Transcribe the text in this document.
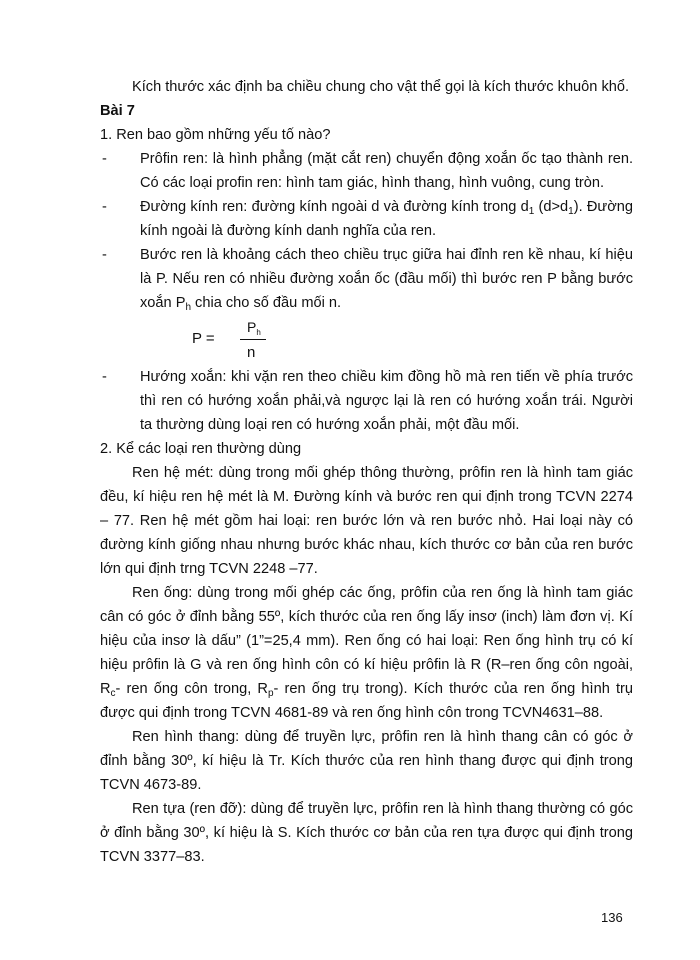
Kích thước xác định ba chiều chung cho vật thể gọi là kích thước khuôn khổ.

Bài 7

1. Ren bao gồm những yếu tố nào?

- Prôfin ren: là hình phẳng (mặt cắt ren) chuyển động xoắn ốc tạo thành ren. Có các loại profin ren: hình tam giác, hình thang, hình vuông, cung tròn.
- Đường kính ren: đường kính ngoài d và đường kính trong $d_1$ $(d>d_1)$. Đường kính ngoài là đường kính danh nghĩa của ren.
- Bước ren là khoảng cách theo chiều trục giữa hai đỉnh ren kề nhau, kí hiệu là P. Nếu ren có nhiều đường xoắn ốc (đầu mối) thì bước ren P bằng bước xoắn $P_h$ chia cho số đầu mối n.
P =
$P_h$
n
- Hướng xoắn: khi vặn ren theo chiều kim đồng hồ mà ren tiến về phía trước thì ren có hướng xoắn phải,và ngược lại là ren có hướng xoắn trái. Người ta thường dùng loại ren có hướng xoắn phải, một đầu mối.

2. Kể các loại ren thường dùng

Ren hệ mét: dùng trong mối ghép thông thường, prôfin ren là hình tam giác đều, kí hiệu ren hệ mét là M. Đường kính và bước ren qui định trong TCVN 2274 – 77. Ren hệ mét gồm hai loại: ren bước lớn và ren bước nhỏ. Hai loại này có đường kính giống nhau nhưng bước khác nhau, kích thước cơ bản của ren bước lớn qui định trng TCVN 2248 –77.

Ren ống: dùng trong mối ghép các ống, prôfin của ren ống là hình tam giác cân có góc ở đỉnh bằng 55º, kích thước của ren ống lấy insơ (inch) làm đơn vị. Kí hiệu của insơ là dấu” (1”=25,4 mm). Ren ống có hai loại: Ren ống hình trụ có kí hiệu prôfin là G và ren ống hình côn có kí hiệu prôfin là R (R–ren ống côn ngoài, $R_c-$ ren ống côn trong, $R_p-$ ren ống trụ trong). Kích thước của ren ống hình trụ được qui định trong TCVN 4681-89 và ren ống hình côn trong TCVN4631–88.

Ren hình thang: dùng để truyền lực, prôfin ren là hình thang cân có góc ở đỉnh bằng 30º, kí hiệu là Tr. Kích thước của ren hình thang được qui định trong TCVN 4673-89.

Ren tựa (ren đỡ): dùng để truyền lực, prôfin ren là hình thang thường có góc ở đỉnh bằng 30º, kí hiệu là S. Kích thước cơ bản của ren tựa được qui định trong TCVN 3377–83.

136
